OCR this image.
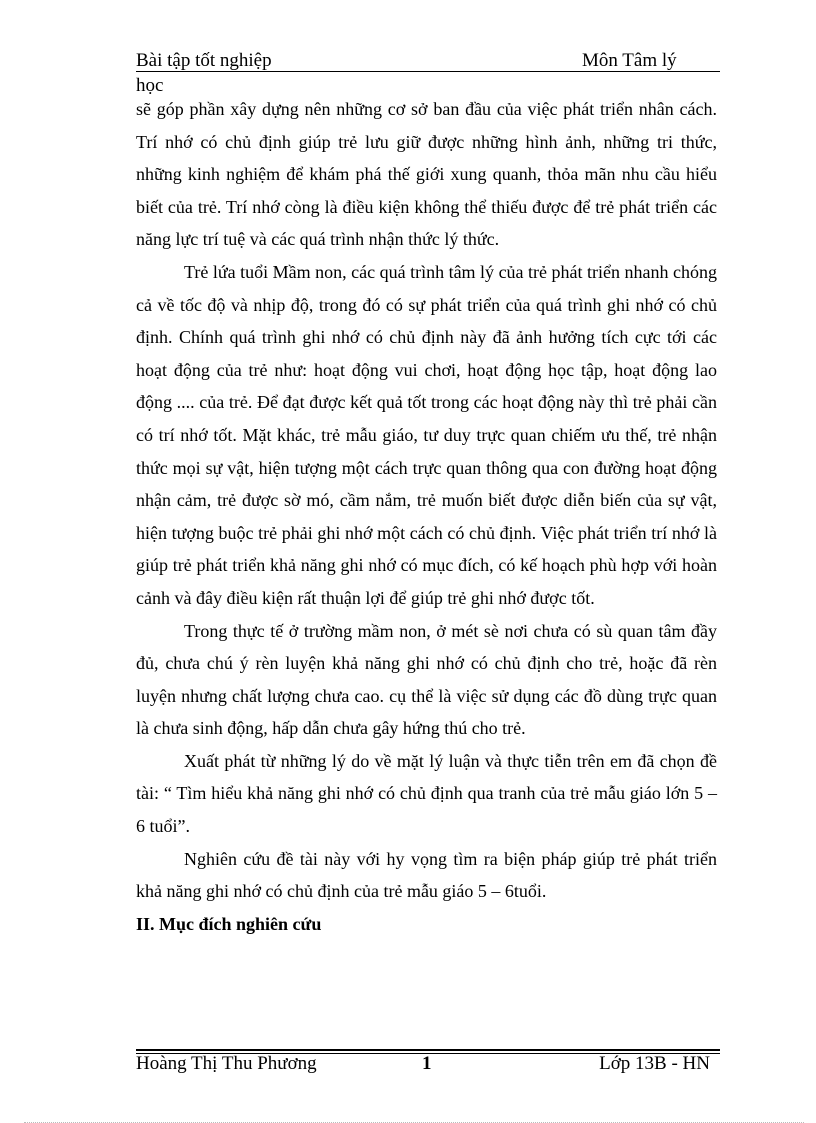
Bài tập tốt nghiệp	Môn Tâm lý
học

sẽ góp phần xây dựng nên những cơ sở ban đầu của việc phát triển nhân cách. Trí nhớ có chủ định giúp trẻ lưu giữ được những hình ảnh, những tri thức, những kinh nghiệm để khám phá thế giới xung quanh, thỏa mãn nhu cầu hiểu biết của trẻ. Trí nhớ còng là điều kiện không thể thiếu được để trẻ phát triển các năng lực trí tuệ và các quá trình nhận thức lý thức.

Trẻ lứa tuổi Mầm non, các quá trình tâm lý của trẻ phát triển nhanh chóng cả về tốc độ và nhịp độ, trong đó có sự phát triển của quá trình ghi nhớ có chủ định. Chính quá trình ghi nhớ có chủ định này đã ảnh hưởng tích cực tới các hoạt động của trẻ như: hoạt động vui chơi, hoạt động học tập, hoạt động lao động .... của trẻ. Để đạt được kết quả tốt trong các hoạt động này thì trẻ phải cần có trí nhớ tốt. Mặt khác, trẻ mẫu giáo, tư duy trực quan chiếm ưu thế, trẻ nhận thức mọi sự vật, hiện tượng một cách trực quan thông qua con đường hoạt động nhận cảm, trẻ được sờ mó, cầm nắm, trẻ muốn biết được diễn biến của sự vật, hiện tượng buộc trẻ phải ghi nhớ một cách có chủ định. Việc phát triển trí nhớ là giúp trẻ phát triển khả năng ghi nhớ có mục đích, có kế hoạch phù hợp với hoàn cảnh và đây điều kiện rất thuận lợi để giúp trẻ ghi nhớ được tốt.

Trong thực tế ở trường mầm non, ở mét sè nơi chưa có sù quan tâm đầy đủ, chưa chú ý rèn luyện khả năng ghi nhớ có chủ định cho trẻ, hoặc đã rèn luyện nhưng chất lượng chưa cao. cụ thể là việc sử dụng các đồ dùng trực quan là chưa sinh động, hấp dẫn chưa gây hứng thú cho trẻ.

Xuất phát từ những lý do về mặt lý luận và thực tiễn trên em đã chọn đề tài: “ Tìm hiểu khả năng ghi nhớ có chủ định qua tranh của trẻ mẫu giáo lớn 5 – 6 tuổi”.

Nghiên cứu đề tài này với hy vọng tìm ra biện pháp giúp trẻ phát triển khả năng ghi nhớ có chủ định của trẻ mẫu giáo 5 – 6tuổi.

II. Mục đích nghiên cứu

Hoàng Thị Thu Phương	1	Lớp 13B - HN
